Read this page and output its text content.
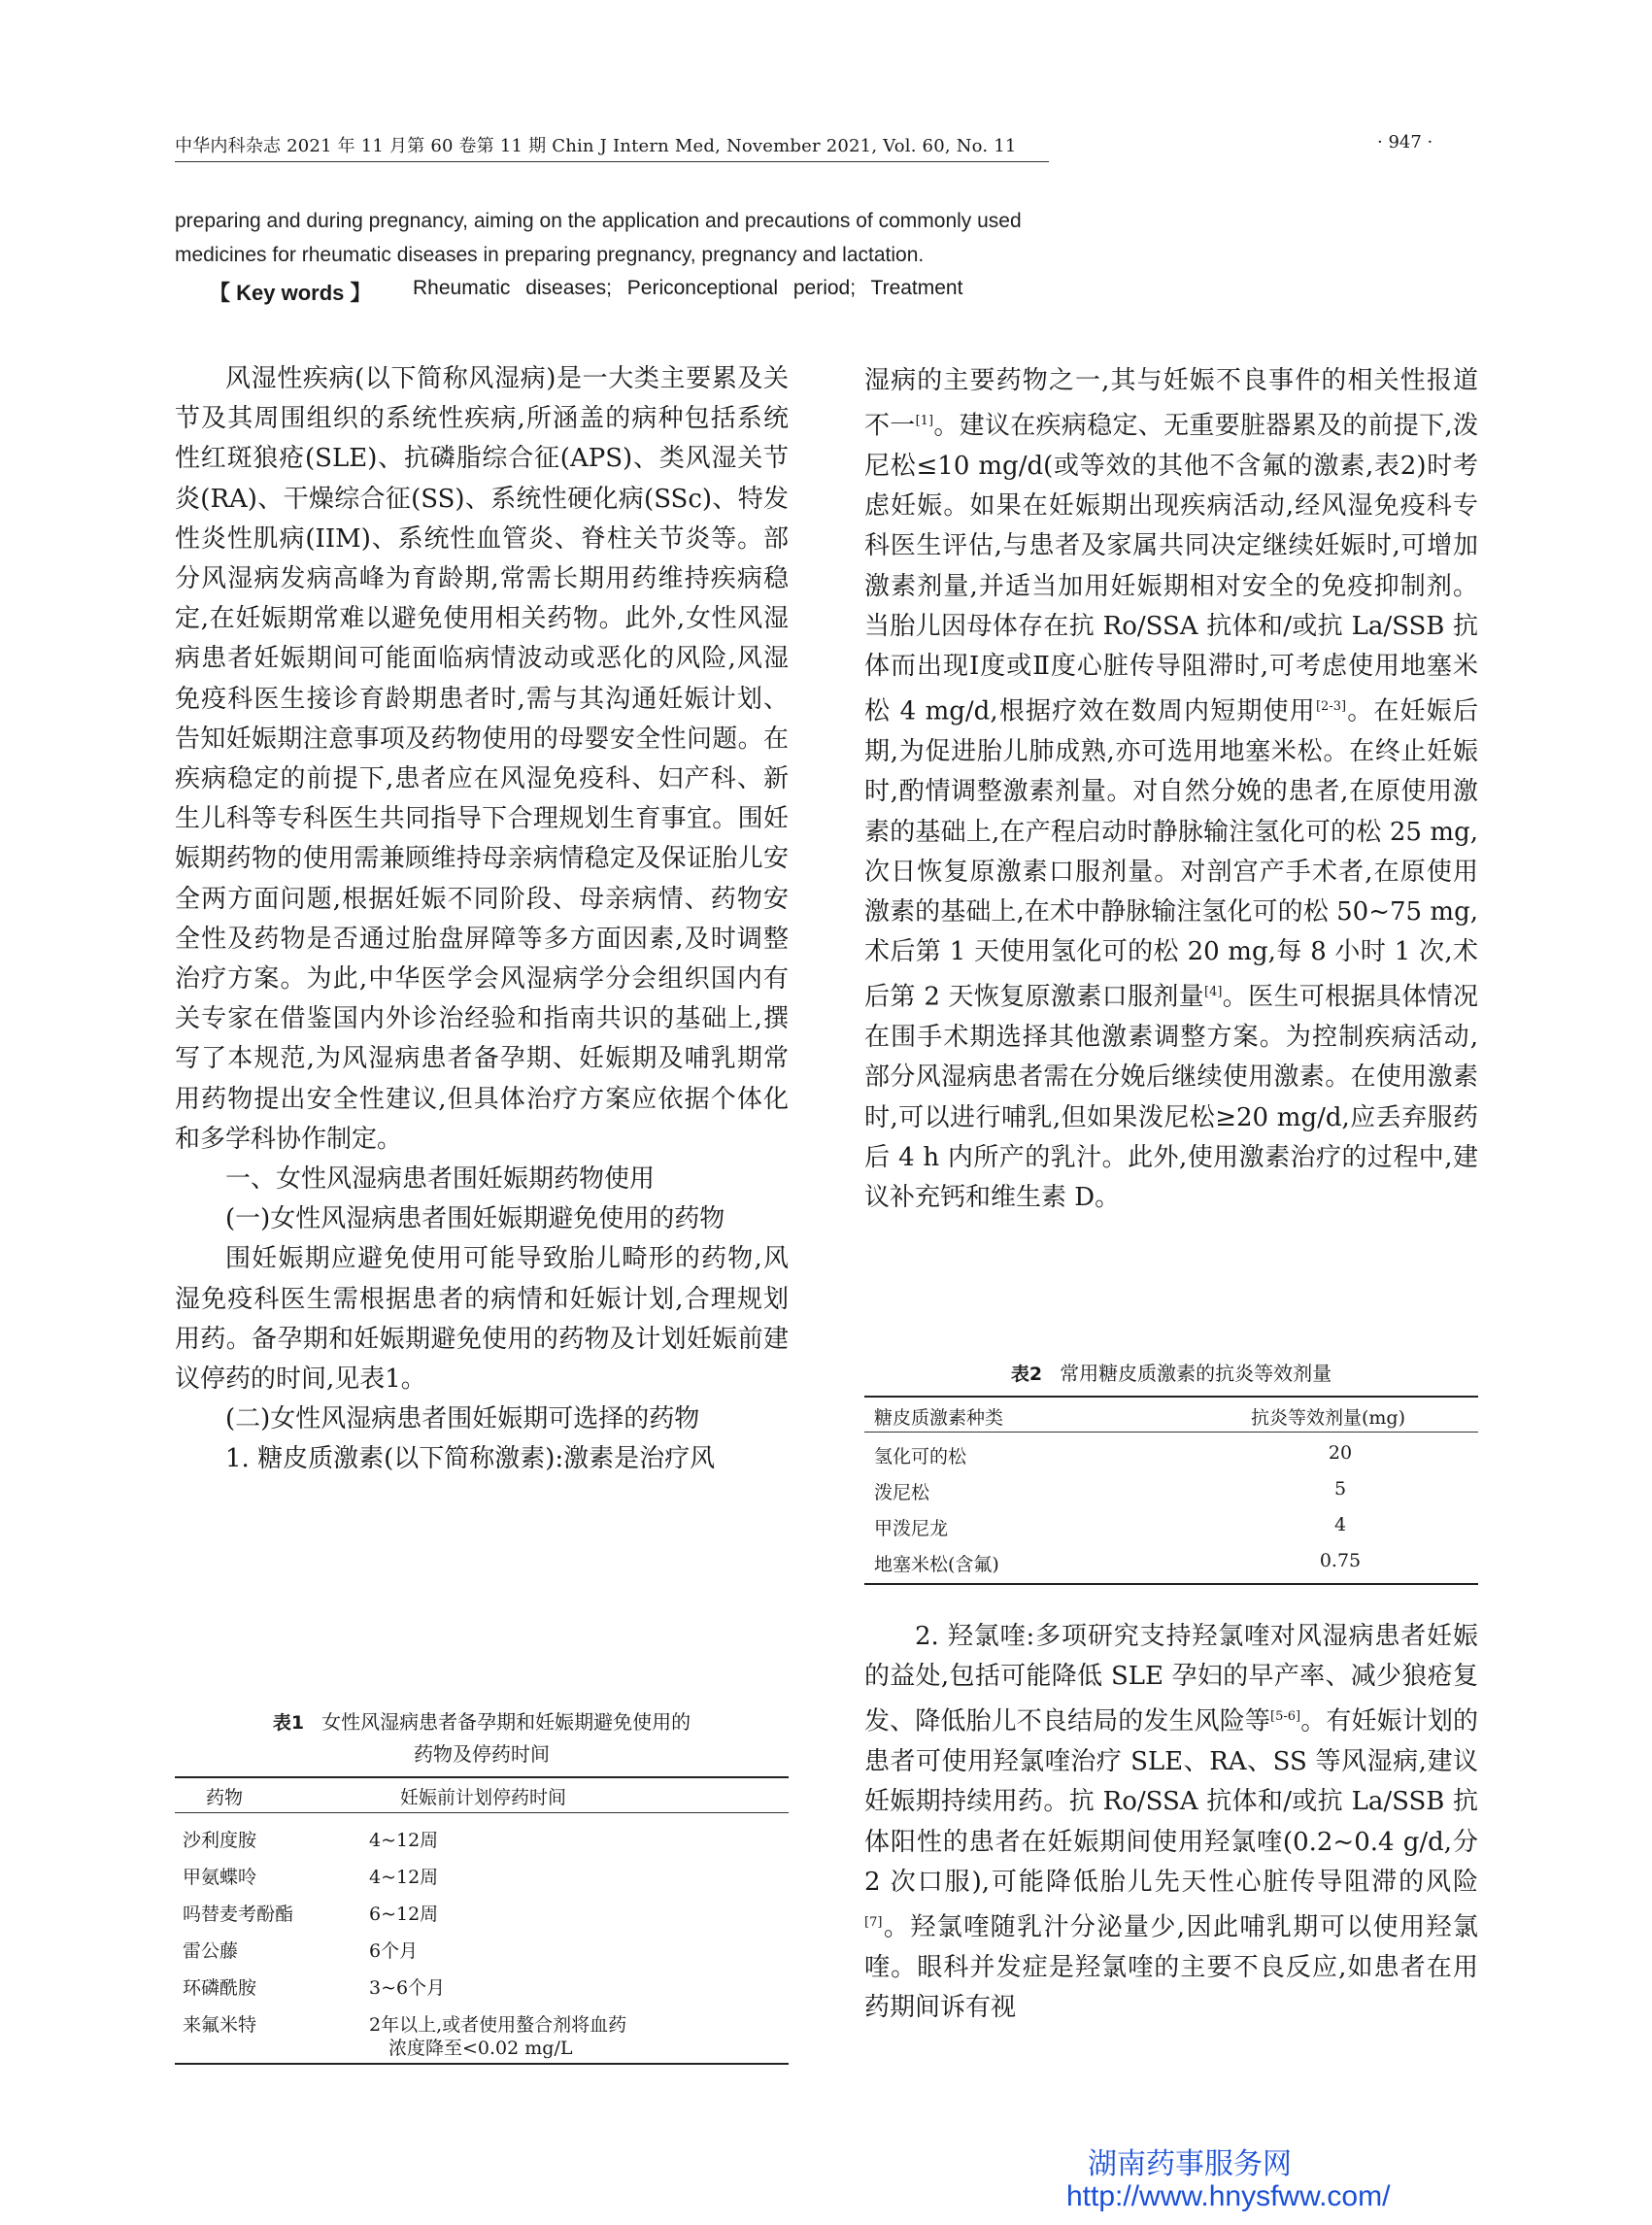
中华内科杂志 2021 年 11 月第 60 卷第 11 期 Chin J Intern Med, November 2021, Vol. 60, No. 11	· 947 ·
preparing and during pregnancy, aiming on the application and precautions of commonly used
medicines for rheumatic diseases in preparing pregnancy, pregnancy and lactation.
【 Key words 】 Rheumatic diseases; Periconceptional period; Treatment

风湿性疾病(以下简称风湿病)是一大类主要累及关节及其周围组织的系统性疾病,所涵盖的病种包括系统性红斑狼疮(SLE)、抗磷脂综合征(APS)、类风湿关节炎(RA)、干燥综合征(SS)、系统性硬化病(SSc)、特发性炎性肌病(IIM)、系统性血管炎、脊柱关节炎等。部分风湿病发病高峰为育龄期,常需长期用药维持疾病稳定,在妊娠期常难以避免使用相关药物。此外,女性风湿病患者妊娠期间可能面临病情波动或恶化的风险,风湿免疫科医生接诊育龄期患者时,需与其沟通妊娠计划、告知妊娠期注意事项及药物使用的母婴安全性问题。在疾病稳定的前提下,患者应在风湿免疫科、妇产科、新生儿科等专科医生共同指导下合理规划生育事宜。围妊娠期药物的使用需兼顾维持母亲病情稳定及保证胎儿安全两方面问题,根据妊娠不同阶段、母亲病情、药物安全性及药物是否通过胎盘屏障等多方面因素,及时调整治疗方案。为此,中华医学会风湿病学分会组织国内有关专家在借鉴国内外诊治经验和指南共识的基础上,撰写了本规范,为风湿病患者备孕期、妊娠期及哺乳期常用药物提出安全性建议,但具体治疗方案应依据个体化和多学科协作制定。

一、女性风湿病患者围妊娠期药物使用

(一)女性风湿病患者围妊娠期避免使用的药物

围妊娠期应避免使用可能导致胎儿畸形的药物,风湿免疫科医生需根据患者的病情和妊娠计划,合理规划用药。备孕期和妊娠期避免使用的药物及计划妊娠前建议停药的时间,见表1。

(二)女性风湿病患者围妊娠期可选择的药物

1. 糖皮质激素(以下简称激素):激素是治疗风

表1 女性风湿病患者备孕期和妊娠期避免使用的
药物及停药时间
药物	妊娠前计划停药时间
沙利度胺	4~12周
甲氨蝶呤	4~12周
吗替麦考酚酯	6~12周
雷公藤	6个月
环磷酰胺	3~6个月
来氟米特	2年以上,或者使用螯合剂将血药
浓度降至<0.02 mg/L

湿病的主要药物之一,其与妊娠不良事件的相关性报道不一[1]。建议在疾病稳定、无重要脏器累及的前提下,泼尼松≤10 mg/d(或等效的其他不含氟的激素,表2)时考虑妊娠。如果在妊娠期出现疾病活动,经风湿免疫科专科医生评估,与患者及家属共同决定继续妊娠时,可增加激素剂量,并适当加用妊娠期相对安全的免疫抑制剂。当胎儿因母体存在抗 Ro/SSA 抗体和/或抗 La/SSB 抗体而出现Ⅰ度或Ⅱ度心脏传导阻滞时,可考虑使用地塞米松 4 mg/d,根据疗效在数周内短期使用[2-3]。在妊娠后期,为促进胎儿肺成熟,亦可选用地塞米松。在终止妊娠时,酌情调整激素剂量。对自然分娩的患者,在原使用激素的基础上,在产程启动时静脉输注氢化可的松 25 mg,次日恢复原激素口服剂量。对剖宫产手术者,在原使用激素的基础上,在术中静脉输注氢化可的松 50~75 mg,术后第 1 天使用氢化可的松 20 mg,每 8 小时 1 次,术后第 2 天恢复原激素口服剂量[4]。医生可根据具体情况在围手术期选择其他激素调整方案。为控制疾病活动,部分风湿病患者需在分娩后继续使用激素。在使用激素时,可以进行哺乳,但如果泼尼松≥20 mg/d,应丢弃服药后 4 h 内所产的乳汁。此外,使用激素治疗的过程中,建议补充钙和维生素 D。

表2 常用糖皮质激素的抗炎等效剂量
糖皮质激素种类	抗炎等效剂量(mg)
氢化可的松	20
泼尼松	5
甲泼尼龙	4
地塞米松(含氟)	0.75

2. 羟氯喹:多项研究支持羟氯喹对风湿病患者妊娠的益处,包括可能降低 SLE 孕妇的早产率、减少狼疮复发、降低胎儿不良结局的发生风险等[5-6]。有妊娠计划的患者可使用羟氯喹治疗 SLE、RA、SS 等风湿病,建议妊娠期持续用药。抗 Ro/SSA 抗体和/或抗 La/SSB 抗体阳性的患者在妊娠期间使用羟氯喹(0.2~0.4 g/d,分 2 次口服),可能降低胎儿先天性心脏传导阻滞的风险[7]。羟氯喹随乳汁分泌量少,因此哺乳期可以使用羟氯喹。眼科并发症是羟氯喹的主要不良反应,如患者在用药期间诉有视

湖南药事服务网
http://www.hnysfww.com/
